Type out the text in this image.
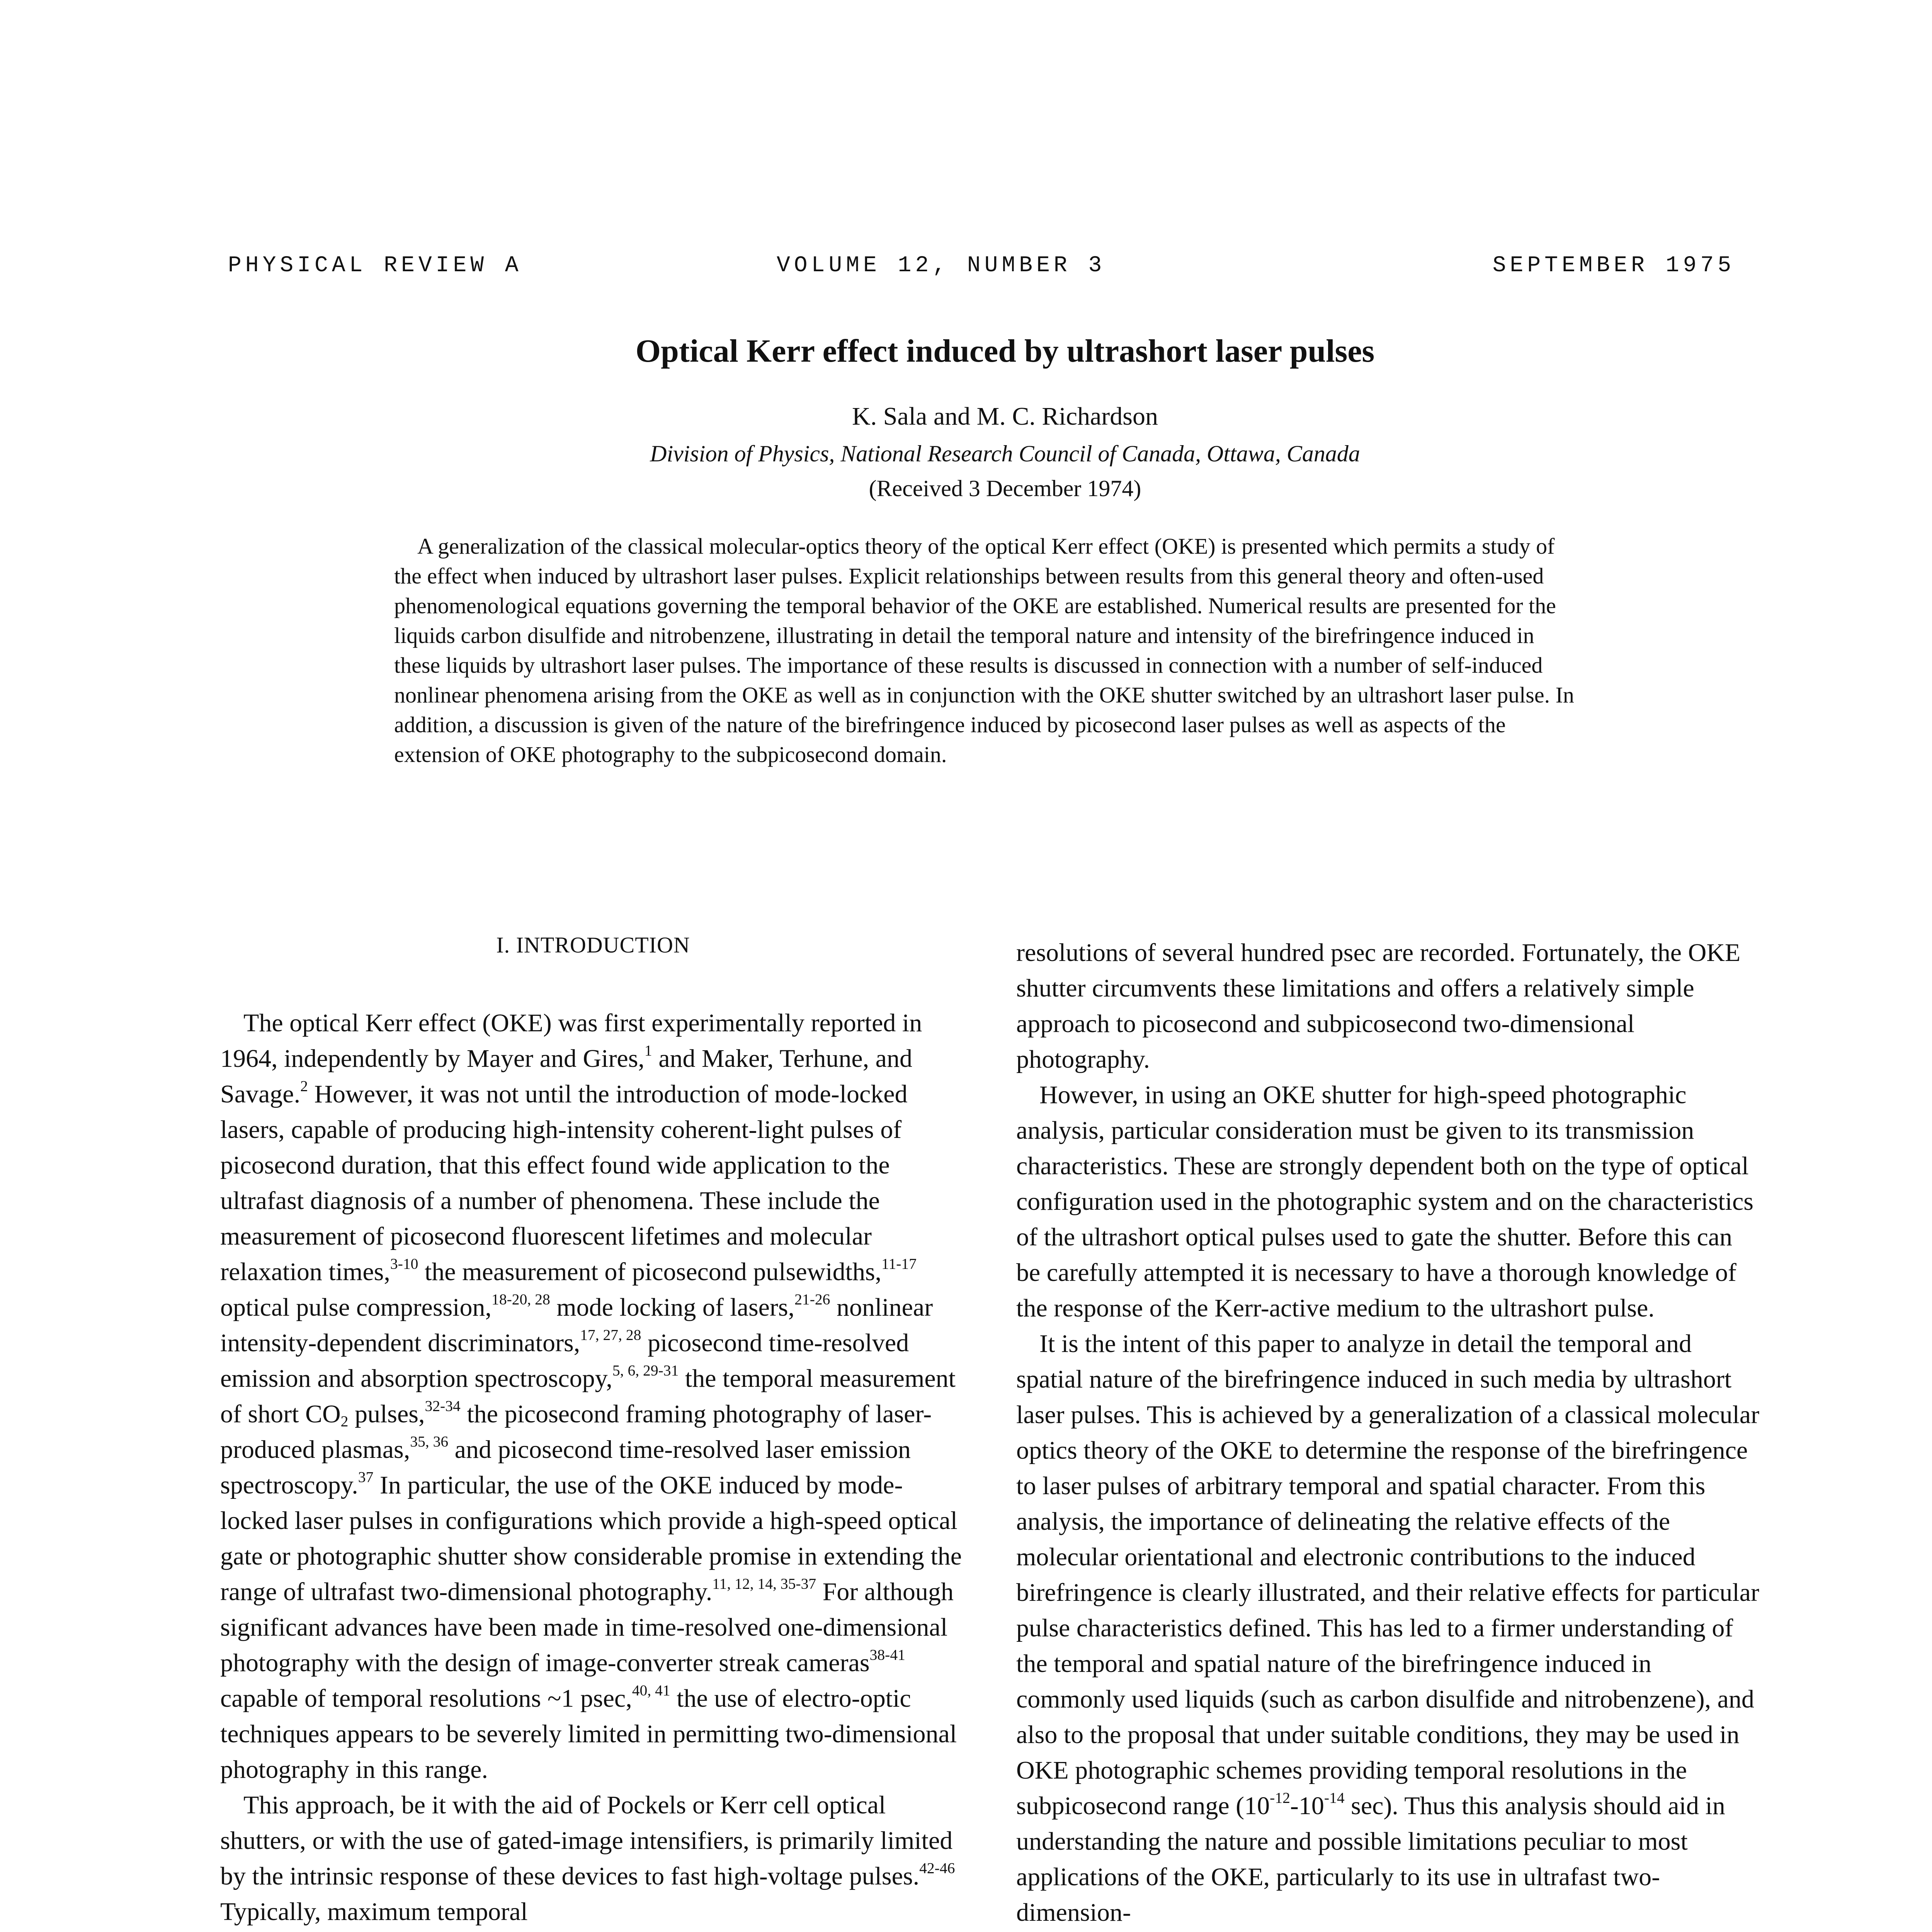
PHYSICAL REVIEW A	VOLUME 12, NUMBER 3	SEPTEMBER 1975
Optical Kerr effect induced by ultrashort laser pulses
K. Sala and M. C. Richardson
Division of Physics, National Research Council of Canada, Ottawa, Canada
(Received 3 December 1974)

A generalization of the classical molecular-optics theory of the optical Kerr effect (OKE) is presented which permits a study of the effect when induced by ultrashort laser pulses. Explicit relationships between results from this general theory and often-used phenomenological equations governing the temporal behavior of the OKE are established. Numerical results are presented for the liquids carbon disulfide and nitrobenzene, illustrating in detail the temporal nature and intensity of the birefringence induced in these liquids by ultrashort laser pulses. The importance of these results is discussed in connection with a number of self-induced nonlinear phenomena arising from the OKE as well as in conjunction with the OKE shutter switched by an ultrashort laser pulse. In addition, a discussion is given of the nature of the birefringence induced by picosecond laser pulses as well as aspects of the extension of OKE photography to the subpicosecond domain.

I. INTRODUCTION

The optical Kerr effect (OKE) was first experimentally reported in 1964, independently by Mayer and Gires,$^1$ and Maker, Terhune, and Savage.$^2$ However, it was not until the introduction of mode-locked lasers, capable of producing high-intensity coherent-light pulses of picosecond duration, that this effect found wide application to the ultrafast diagnosis of a number of phenomena. These include the measurement of picosecond fluorescent lifetimes and molecular relaxation times,$^{3-10}$ the measurement of picosecond pulsewidths,$^{11-17}$ optical pulse compression,$^{18-20, 28}$ mode locking of lasers,$^{21-26}$ nonlinear intensity-dependent discriminators,$^{17, 27, 28}$ picosecond time-resolved emission and absorption spectroscopy,$^{5, 6, 29-31}$ the temporal measurement of short $CO_2$ pulses,$^{32-34}$ the picosecond framing photography of laser-produced plasmas,$^{35, 36}$ and picosecond time-resolved laser emission spectroscopy.$^{37}$ In particular, the use of the OKE induced by mode-locked laser pulses in configurations which provide a high-speed optical gate or photographic shutter show considerable promise in extending the range of ultrafast two-dimensional photography.$^{11, 12, 14, 35-37}$ For although significant advances have been made in time-resolved one-dimensional photography with the design of image-converter streak cameras$^{38-41}$ capable of temporal resolutions ~1 psec,$^{40, 41}$ the use of electro-optic techniques appears to be severely limited in permitting two-dimensional photography in this range.

This approach, be it with the aid of Pockels or Kerr cell optical shutters, or with the use of gated-image intensifiers, is primarily limited by the intrinsic response of these devices to fast high-voltage pulses.$^{42-46}$ Typically, maximum temporal

resolutions of several hundred psec are recorded. Fortunately, the OKE shutter circumvents these limitations and offers a relatively simple approach to picosecond and subpicosecond two-dimensional photography.

However, in using an OKE shutter for high-speed photographic analysis, particular consideration must be given to its transmission characteristics. These are strongly dependent both on the type of optical configuration used in the photographic system and on the characteristics of the ultrashort optical pulses used to gate the shutter. Before this can be carefully attempted it is necessary to have a thorough knowledge of the response of the Kerr-active medium to the ultrashort pulse.

It is the intent of this paper to analyze in detail the temporal and spatial nature of the birefringence induced in such media by ultrashort laser pulses. This is achieved by a generalization of a classical molecular optics theory of the OKE to determine the response of the birefringence to laser pulses of arbitrary temporal and spatial character. From this analysis, the importance of delineating the relative effects of the molecular orientational and electronic contributions to the induced birefringence is clearly illustrated, and their relative effects for particular pulse characteristics defined. This has led to a firmer understanding of the temporal and spatial nature of the birefringence induced in commonly used liquids (such as carbon disulfide and nitrobenzene), and also to the proposal that under suitable conditions, they may be used in OKE photographic schemes providing temporal resolutions in the subpicosecond range ($10^{-12}-10^{-14}$ sec). Thus this analysis should aid in understanding the nature and possible limitations peculiar to most applications of the OKE, particularly to its use in ultrafast two-dimension-
